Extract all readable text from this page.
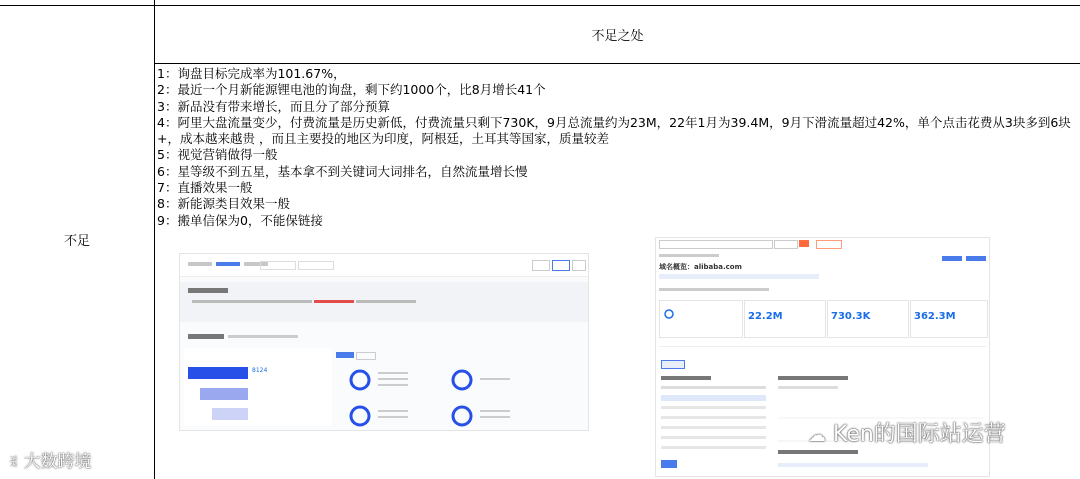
不足之处
不足
1：询盘目标完成率为101.67%，
2：最近一个月新能源锂电池的询盘，剩下约1000个，比8月增长41个
3：新品没有带来增长，而且分了部分预算
4：阿里大盘流量变少，付费流量是历史新低，付费流量只剩下730K，9月总流量约为23M，22年1月为39.4M，9月下滑流量超过42%，单个点击花费从3块多到6块+，成本越来越贵 ，而且主要投的地区为印度，阿根廷，土耳其等国家，质量较差
5：视觉营销做得一般
6：星等级不到五星，基本拿不到关键词大词排名，自然流量增长慢
7：直播效果一般
8：新能源类目效果一般
9：搬单信保为0，不能保链接
8124
域名概览：alibaba.com
22.2M	730.3K	362.3M
ꉂ 大数跨境
☁ Ken的国际站运营
